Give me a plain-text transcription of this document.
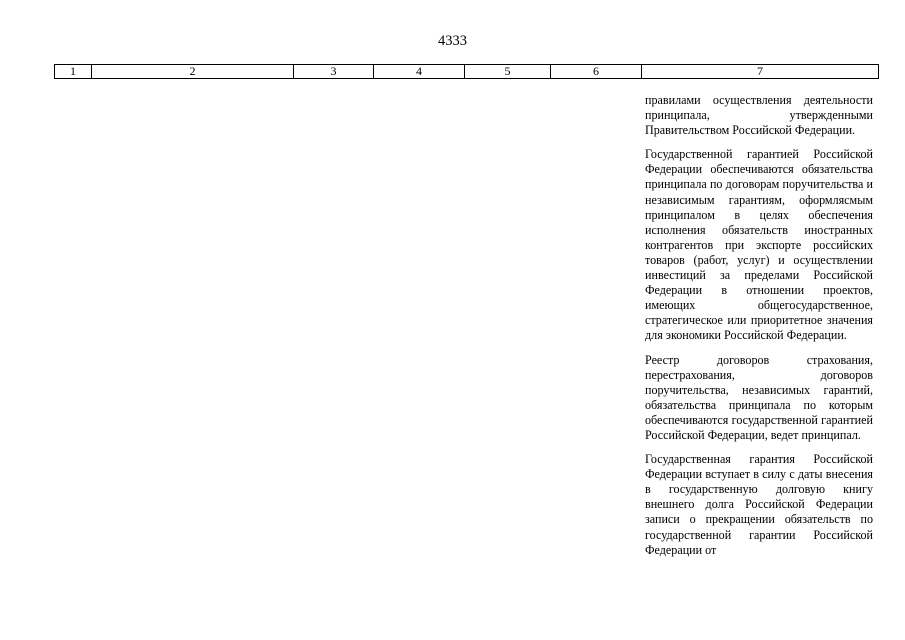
4333
1	2	3	4	5	6	7

правилами осуществления деятельности принципала, утвержденными Правительством Российской Федерации.

Государственной гарантией Российской Федерации обеспечиваются обязательства принципала по договорам поручительства и независимым гарантиям, оформлясмым принципалом в целях обеспечения исполнения обязательств иностранных контрагентов при экспорте российских товаров (работ, услуг) и осуществлении инвестиций за пределами Российской Федерации в отношении проектов, имеющих общегосударственное, стратегическое или приоритетное значения для экономики Российской Федерации.

Реестр договоров страхования, перестрахования, договоров поручительства, независимых гарантий, обязательства принципала по которым обеспечиваются государственной гарантией Российской Федерации, ведет принципал.

Государственная гарантия Российской Федерации вступает в силу с даты внесения в государственную долговую книгу внешнего долга Российской Федерации записи о прекращении обязательств по государственной гарантии Российской Федерации от
